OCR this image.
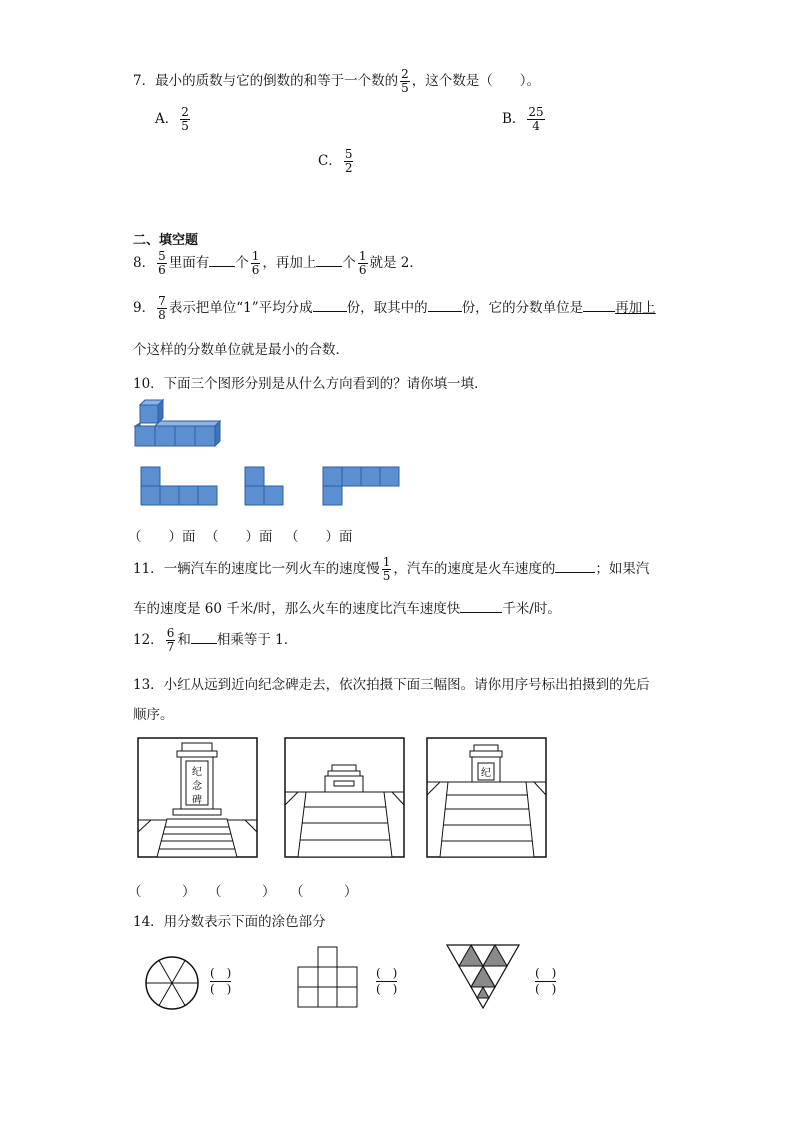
7．最小的质数与它的倒数的和等于一个数的 $\frac{2}{5}$ ，这个数是（　　）。
A． $\frac{2}{5}$	B． $\frac{25}{4}$
C． $\frac{5}{2}$
二、填空题
8． $\frac{5}{6}$ 里面有 个 $\frac{1}{6}$ ，再加上 个 $\frac{1}{6}$ 就是 2．
9． $\frac{7}{8}$ 表示把单位“1”平均分成	份，取其中的	份，它的分数单位是 再加上
个这样的分数单位就是最小的合数．
10．下面三个图形分别是从什么方向看到的？请你填一填．
（　　）面 （　　）面 （　　）面
11．一辆汽车的速度比一列火车的速度慢 $\frac{1}{5}$ ，汽车的速度是火车速度的	；如果汽
车的速度是 60 千米/时，那么火车的速度比汽车速度快	千米/时。
12． $\frac{6}{7}$ 和 相乘等于 1．
13．小红从远到近向纪念碑走去，依次拍摄下面三幅图。请你用序号标出拍摄到的先后
顺序。
纪
念
碑
纪
（　　　） （　　　） （　　　）
14．用分数表示下面的涂色部分
(　)
(　)
(　)
(　)
(　)
(　)
